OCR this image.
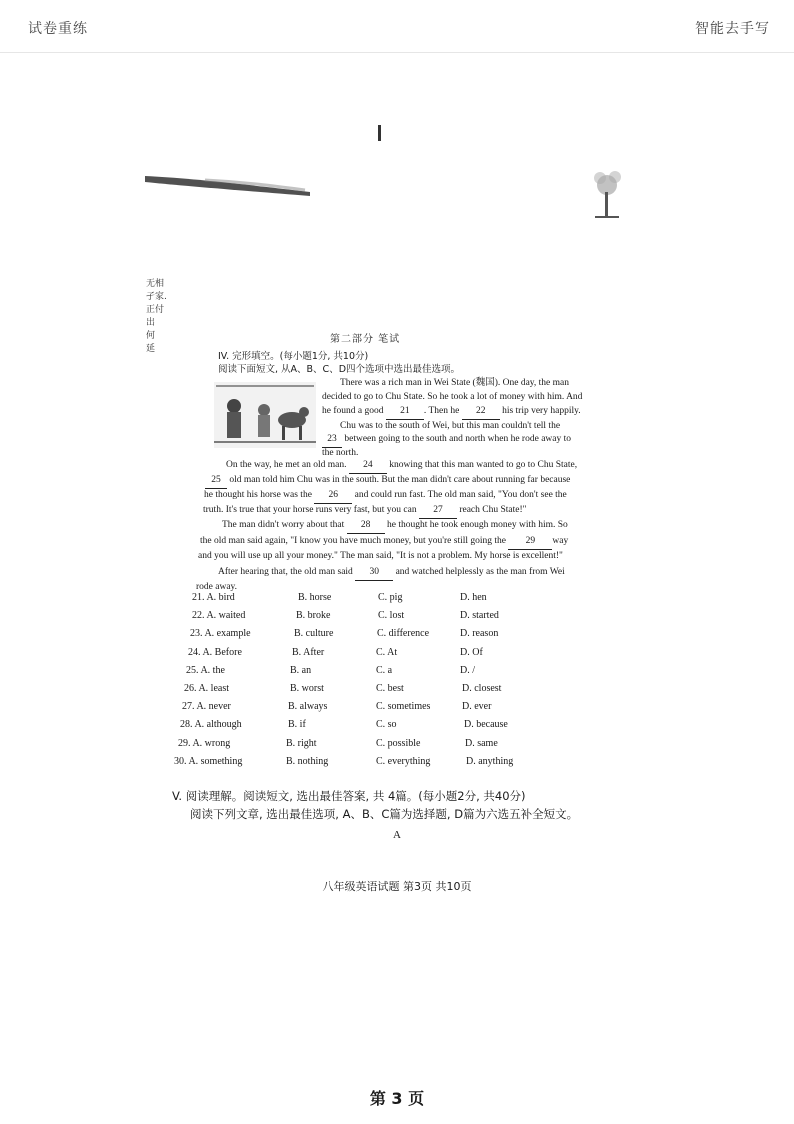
试卷重练	智能去手写
无相
孑家.
正付
出
何
延
第二部分 笔试
IV. 完形填空。(每小题1分, 共10分)
阅读下面短文, 从A、B、C、D四个选项中选出最佳选项。
There was a rich man in Wei State (魏国). One day, the man
decided to go to Chu State. So he took a lot of money with him. And
he found a good 21 . Then he 22 his trip very happily.
Chu was to the south of Wei, but this man couldn't tell the
23 between going to the south and north when he rode away to
the north.
On the way, he met an old man. 24 knowing that this man wanted to go to Chu State,
25 old man told him Chu was in the south. But the man didn't care about running far because
he thought his horse was the 26 and could run fast. The old man said, "You don't see the
truth. It's true that your horse runs very fast, but you can 27 reach Chu State!"
The man didn't worry about that 28 he thought he took enough money with him. So
the old man said again, "I know you have much money, but you're still going the 29 way
and you will use up all your money." The man said, "It is not a problem. My horse is excellent!"
After hearing that, the old man said 30 and watched helplessly as the man from Wei
rode away.
21. A. bird	B. horse	C. pig	D. hen
22. A. waited	B. broke	C. lost	D. started
23. A. example	B. culture	C. difference	D. reason
24. A. Before	B. After	C. At	D. Of
25. A. the	B. an	C. a	D. /
26. A. least	B. worst	C. best	D. closest
27. A. never	B. always	C. sometimes	D. ever
28. A. although	B. if	C. so	D. because
29. A. wrong	B. right	C. possible	D. same
30. A. something	B. nothing	C. everything	D. anything
V. 阅读理解。阅读短文, 选出最佳答案, 共 4篇。(每小题2分, 共40分)
阅读下列文章, 选出最佳选项, A、B、C篇为选择题, D篇为六选五补全短文。
A
八年级英语试题 第3页 共10页
第 3 页
